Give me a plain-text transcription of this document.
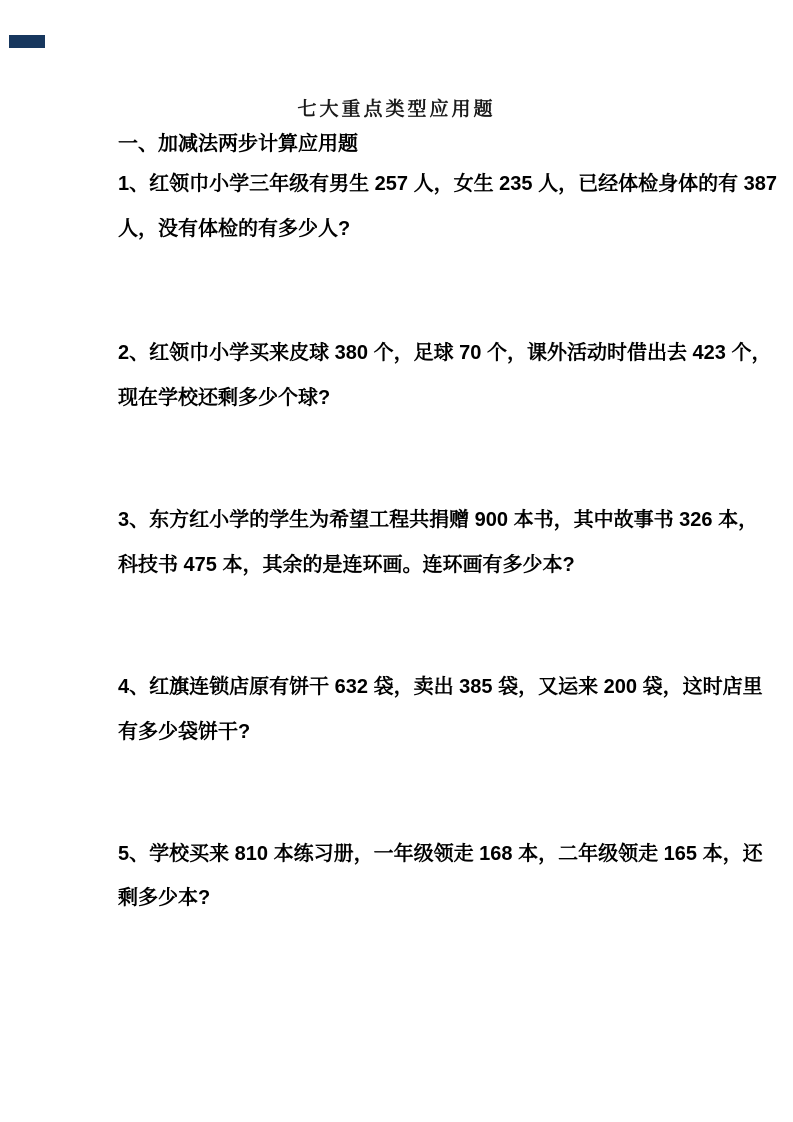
七大重点类型应用题
一、加减法两步计算应用题
1、红领巾小学三年级有男生 257 人，女生 235 人，已经体检身体的有 387
人，没有体检的有多少人?
2、红领巾小学买来皮球 380 个，足球 70 个，课外活动时借出去 423 个，
现在学校还剩多少个球?
3、东方红小学的学生为希望工程共捐赠 900 本书，其中故事书 326 本，
科技书 475 本，其余的是连环画。连环画有多少本?
4、红旗连锁店原有饼干 632 袋，卖出 385 袋，又运来 200 袋，这时店里
有多少袋饼干?
5、学校买来 810 本练习册，一年级领走 168 本，二年级领走 165 本，还
剩多少本?
